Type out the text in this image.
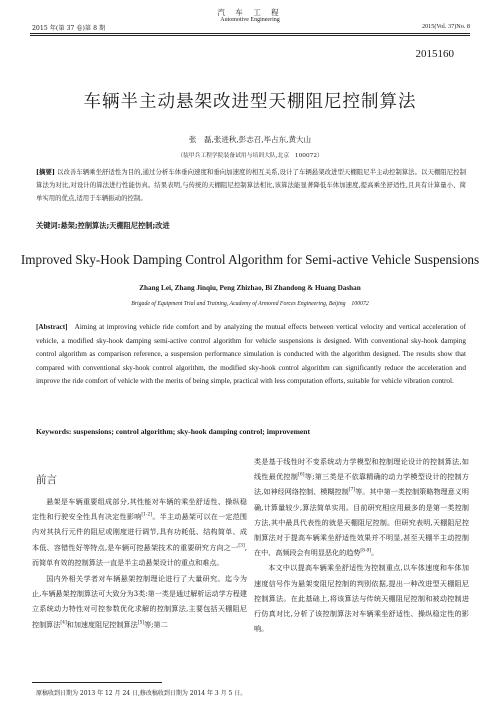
汽 车 工 程
Automotive Engineering
2015 年(第 37 卷)第 8 期	2015(Vol. 37)No. 8
2015160
车辆半主动悬架改进型天棚阻尼控制算法
张　磊,张进秋,彭志召,毕占东,黄大山
（装甲兵工程学院装备试用与培训大队,北京　100072）
[摘要] 以改善车辆乘坐舒适性为目的,通过分析车体垂向速度和垂向加速度的相互关系,设计了车辆悬架改进型天棚阻尼半主动控制算法。以天棚阻尼控制算法为对比,对设计的算法进行性能仿真。结果表明,与传统的天棚阻尼控制算法相比,该算法能显著降低车体加速度,提高乘坐舒适性,且具有计算量小、简单实用的优点,适用于车辆振动的控制。
关键词:悬架;控制算法;天棚阻尼控制;改进
Improved Sky-Hook Damping Control Algorithm for Semi-active Vehicle Suspensions
Zhang Lei, Zhang Jinqiu, Peng Zhizhao, Bi Zhandong & Huang Dashan
Brigade of Equipment Trial and Training, Academy of Armored Forces Engineering, Beijing　100072
[Abstract] Aiming at improving vehicle ride comfort and by analyzing the mutual effects between vertical velocity and vertical acceleration of vehicle, a modified sky-hook damping semi-active control algorithm for vehicle suspensions is designed. With conventional sky-hook damping control algorithm as comparison reference, a suspension performance simulation is conducted with the algorithm designed. The results show that compared with conventional sky-hook control algorithm, the modified sky-hook control algorithm can significantly reduce the acceleration and improve the ride comfort of vehicle with the merits of being simple, practical with less computation efforts, suitable for vehicle vibration control.
Keywords: suspensions; control algorithm; sky-hook damping control; improvement
前言

悬架是车辆重要组成部分,其性能对车辆的乘坐舒适性、操纵稳定性和行驶安全性具有决定性影响[1-2]。半主动悬架可以在一定范围内对其执行元件的阻尼或刚度进行调节,具有功耗低、结构简单、成本低、容错性好等特点,是车辆可控悬架技术的重要研究方向之一[3],而简单有效的控制算法一直是半主动悬架设计的重点和难点。

国内外相关学者对车辆悬架控制理论进行了大量研究。迄今为止,车辆悬架控制算法可大致分为3类:第一类是通过解析运动学方程建立系统动力特性对可控参数优化求解的控制算法,主要包括天棚阻尼控制算法[4]和加速度阻尼控制算法[5]等;第二

类是基于线性时不变系统动力学模型和控制理论设计的控制算法,如线性最优控制[6]等;第三类是不依靠精确的动力学模型设计的控制方法,如神经网络控制、模糊控制[7]等。其中第一类控制策略物理意义明确,计算量较少,算法简单实用。目前研究相应用最多的是第一类控制方法,其中最具代表性的就是天棚阻尼控制。但研究表明,天棚阻尼控制算法对于提高车辆乘坐舒适性效果并不明显,甚至天棚半主动控制在中、高频段会有明显恶化的趋势[8-9]。

本文中以提高车辆乘坐舒适性为控制重点,以车体速度和车体加速度信号作为悬架变阻尼控制的判别依据,提出一种改进型天棚阻尼控制算法。在此基础上,将该算法与传统天棚阻尼控制和被动控制进行仿真对比,分析了该控制算法对车辆乘坐舒适性、操纵稳定性的影响。

原稿收到日期为 2013 年 12 月 24 日,修改稿收到日期为 2014 年 3 月 5 日。
